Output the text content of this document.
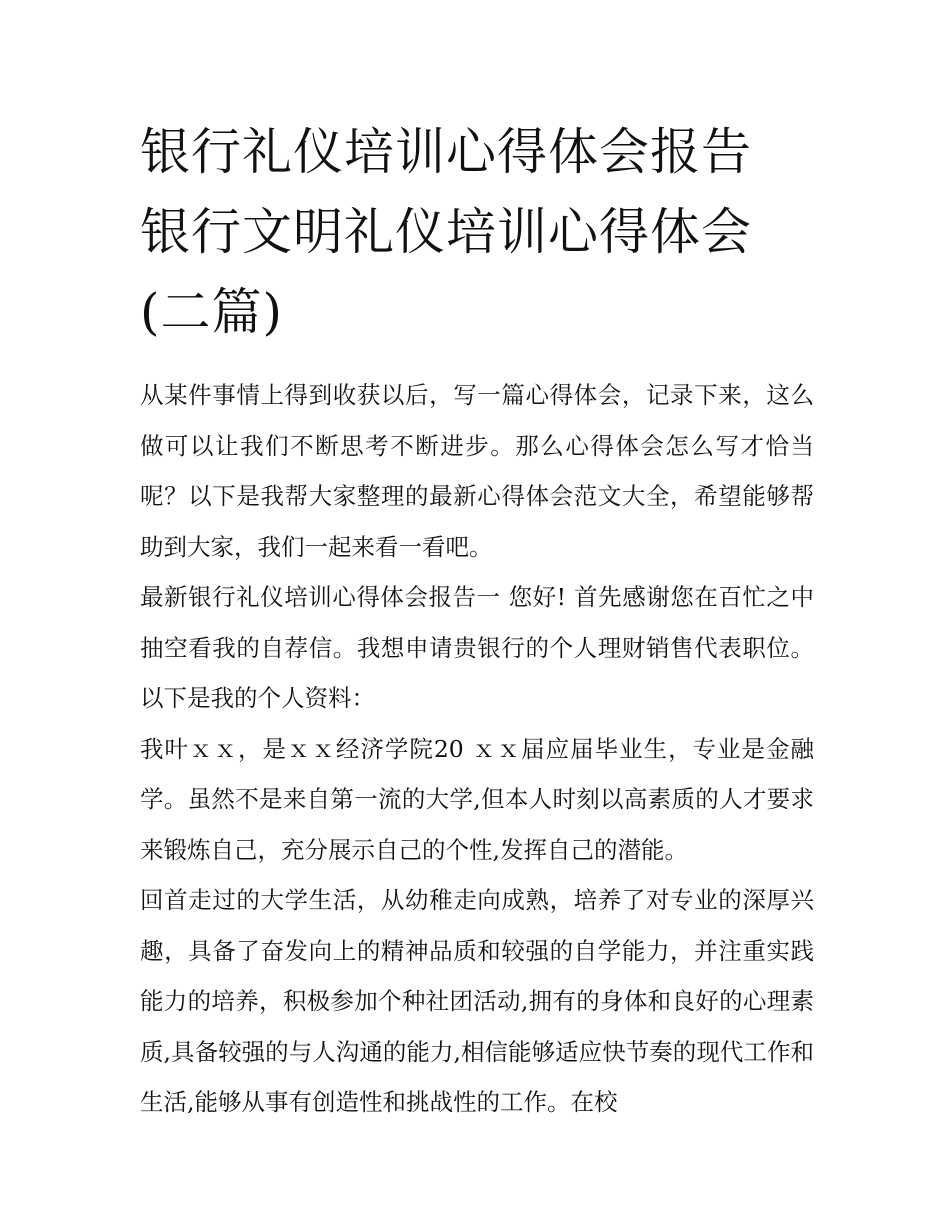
银行礼仪培训心得体会报告 银行文明礼仪培训心得体会(二篇)

从某件事情上得到收获以后，写一篇心得体会，记录下来，这么做可以让我们不断思考不断进步。那么心得体会怎么写才恰当呢？以下是我帮大家整理的最新心得体会范文大全，希望能够帮助到大家，我们一起来看一看吧。

最新银行礼仪培训心得体会报告一 您好! 首先感谢您在百忙之中抽空看我的自荐信。我想申请贵银行的个人理财销售代表职位。以下是我的个人资料：

我叶ｘｘ，是ｘｘ经济学院20 ｘｘ届应届毕业生，专业是金融学。虽然不是来自第一流的大学,但本人时刻以高素质的人才要求来锻炼自己，充分展示自己的个性,发挥自己的潜能。

回首走过的大学生活，从幼稚走向成熟，培养了对专业的深厚兴趣，具备了奋发向上的精神品质和较强的自学能力，并注重实践能力的培养，积极参加个种社团活动,拥有的身体和良好的心理素质,具备较强的与人沟通的能力,相信能够适应快节奏的现代工作和生活,能够从事有创造性和挑战性的工作。在校
